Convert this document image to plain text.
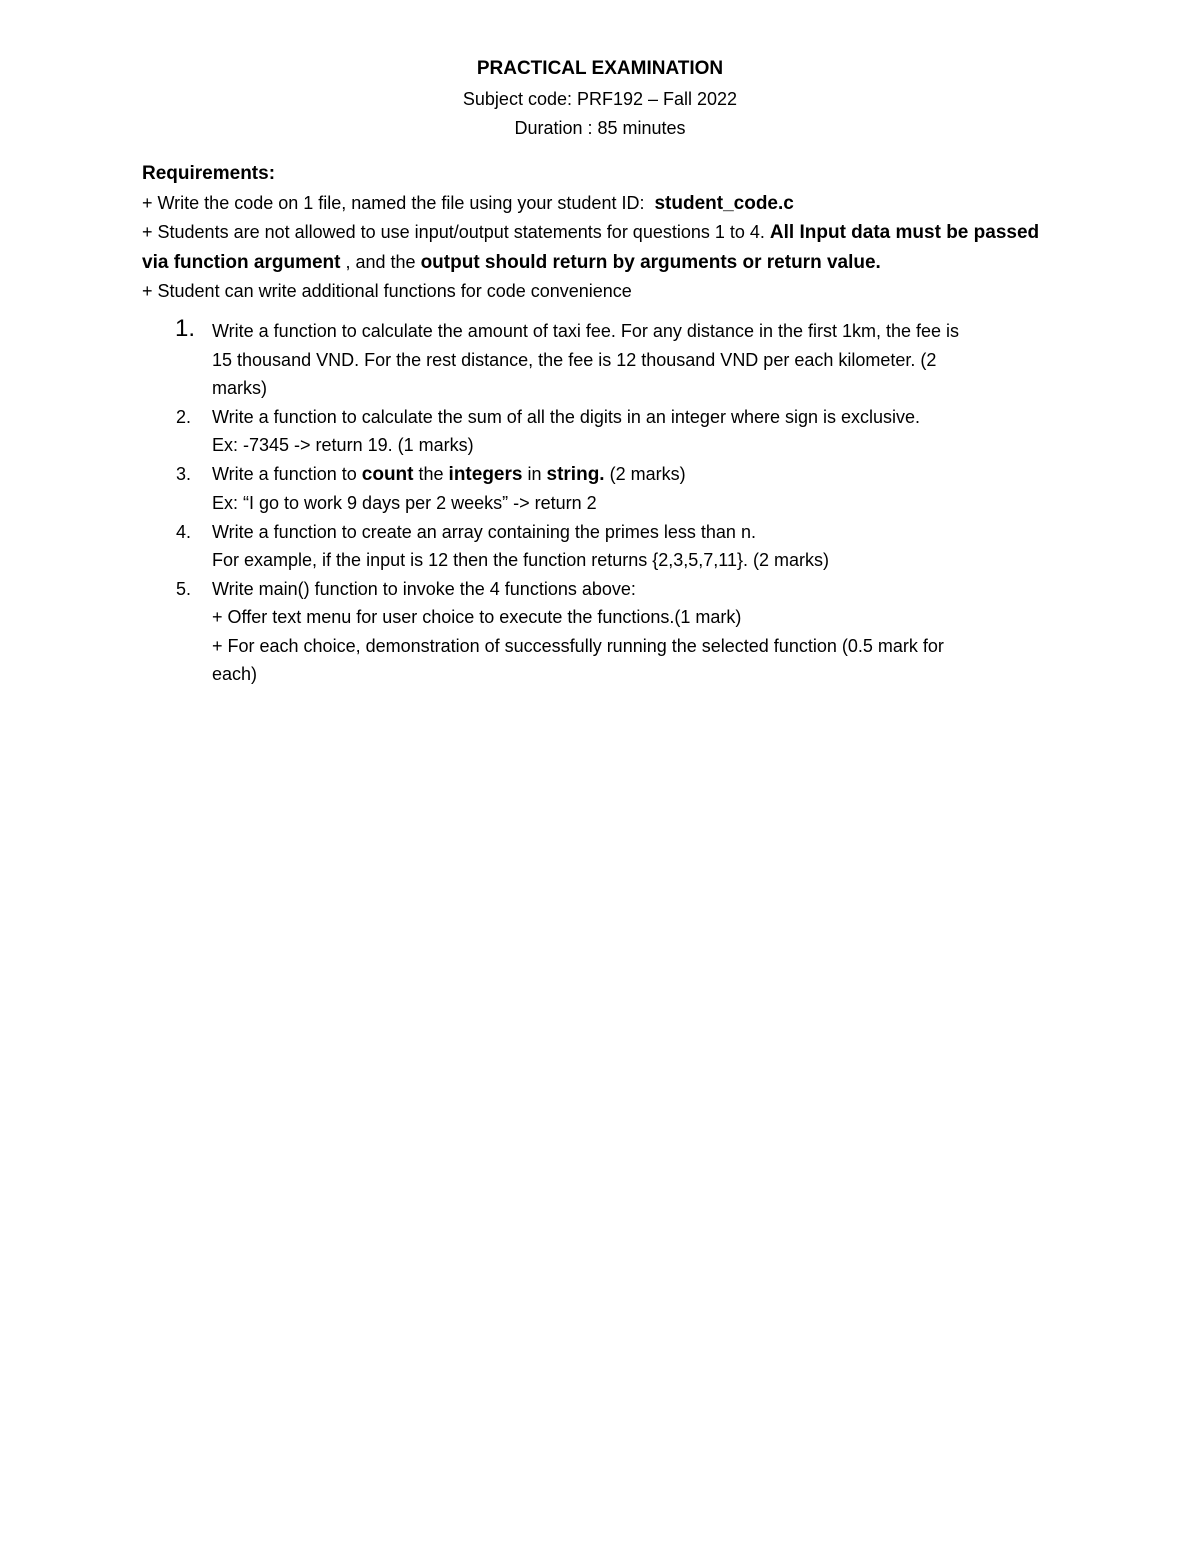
PRACTICAL EXAMINATION
Subject code: PRF192 – Fall 2022
Duration : 85 minutes

Requirements:

+ Write the code on 1 file, named the file using your student ID: student_code.c

+ Students are not allowed to use input/output statements for questions 1 to 4. All Input data must be passed via function argument , and the output should return by arguments or return value.

+ Student can write additional functions for code convenience

1. Write a function to calculate the amount of taxi fee. For any distance in the first 1km, the fee is
15 thousand VND. For the rest distance, the fee is 12 thousand VND per each kilometer. (2
marks)
2. Write a function to calculate the sum of all the digits in an integer where sign is exclusive.
Ex: -7345 -> return 19. (1 marks)
3. Write a function to count the integers in string. (2 marks)
Ex: “I go to work 9 days per 2 weeks” -> return 2
4. Write a function to create an array containing the primes less than n.
For example, if the input is 12 then the function returns {2,3,5,7,11}. (2 marks)
5. Write main() function to invoke the 4 functions above:
+ Offer text menu for user choice to execute the functions.(1 mark)
+ For each choice, demonstration of successfully running the selected function (0.5 mark for
each)
